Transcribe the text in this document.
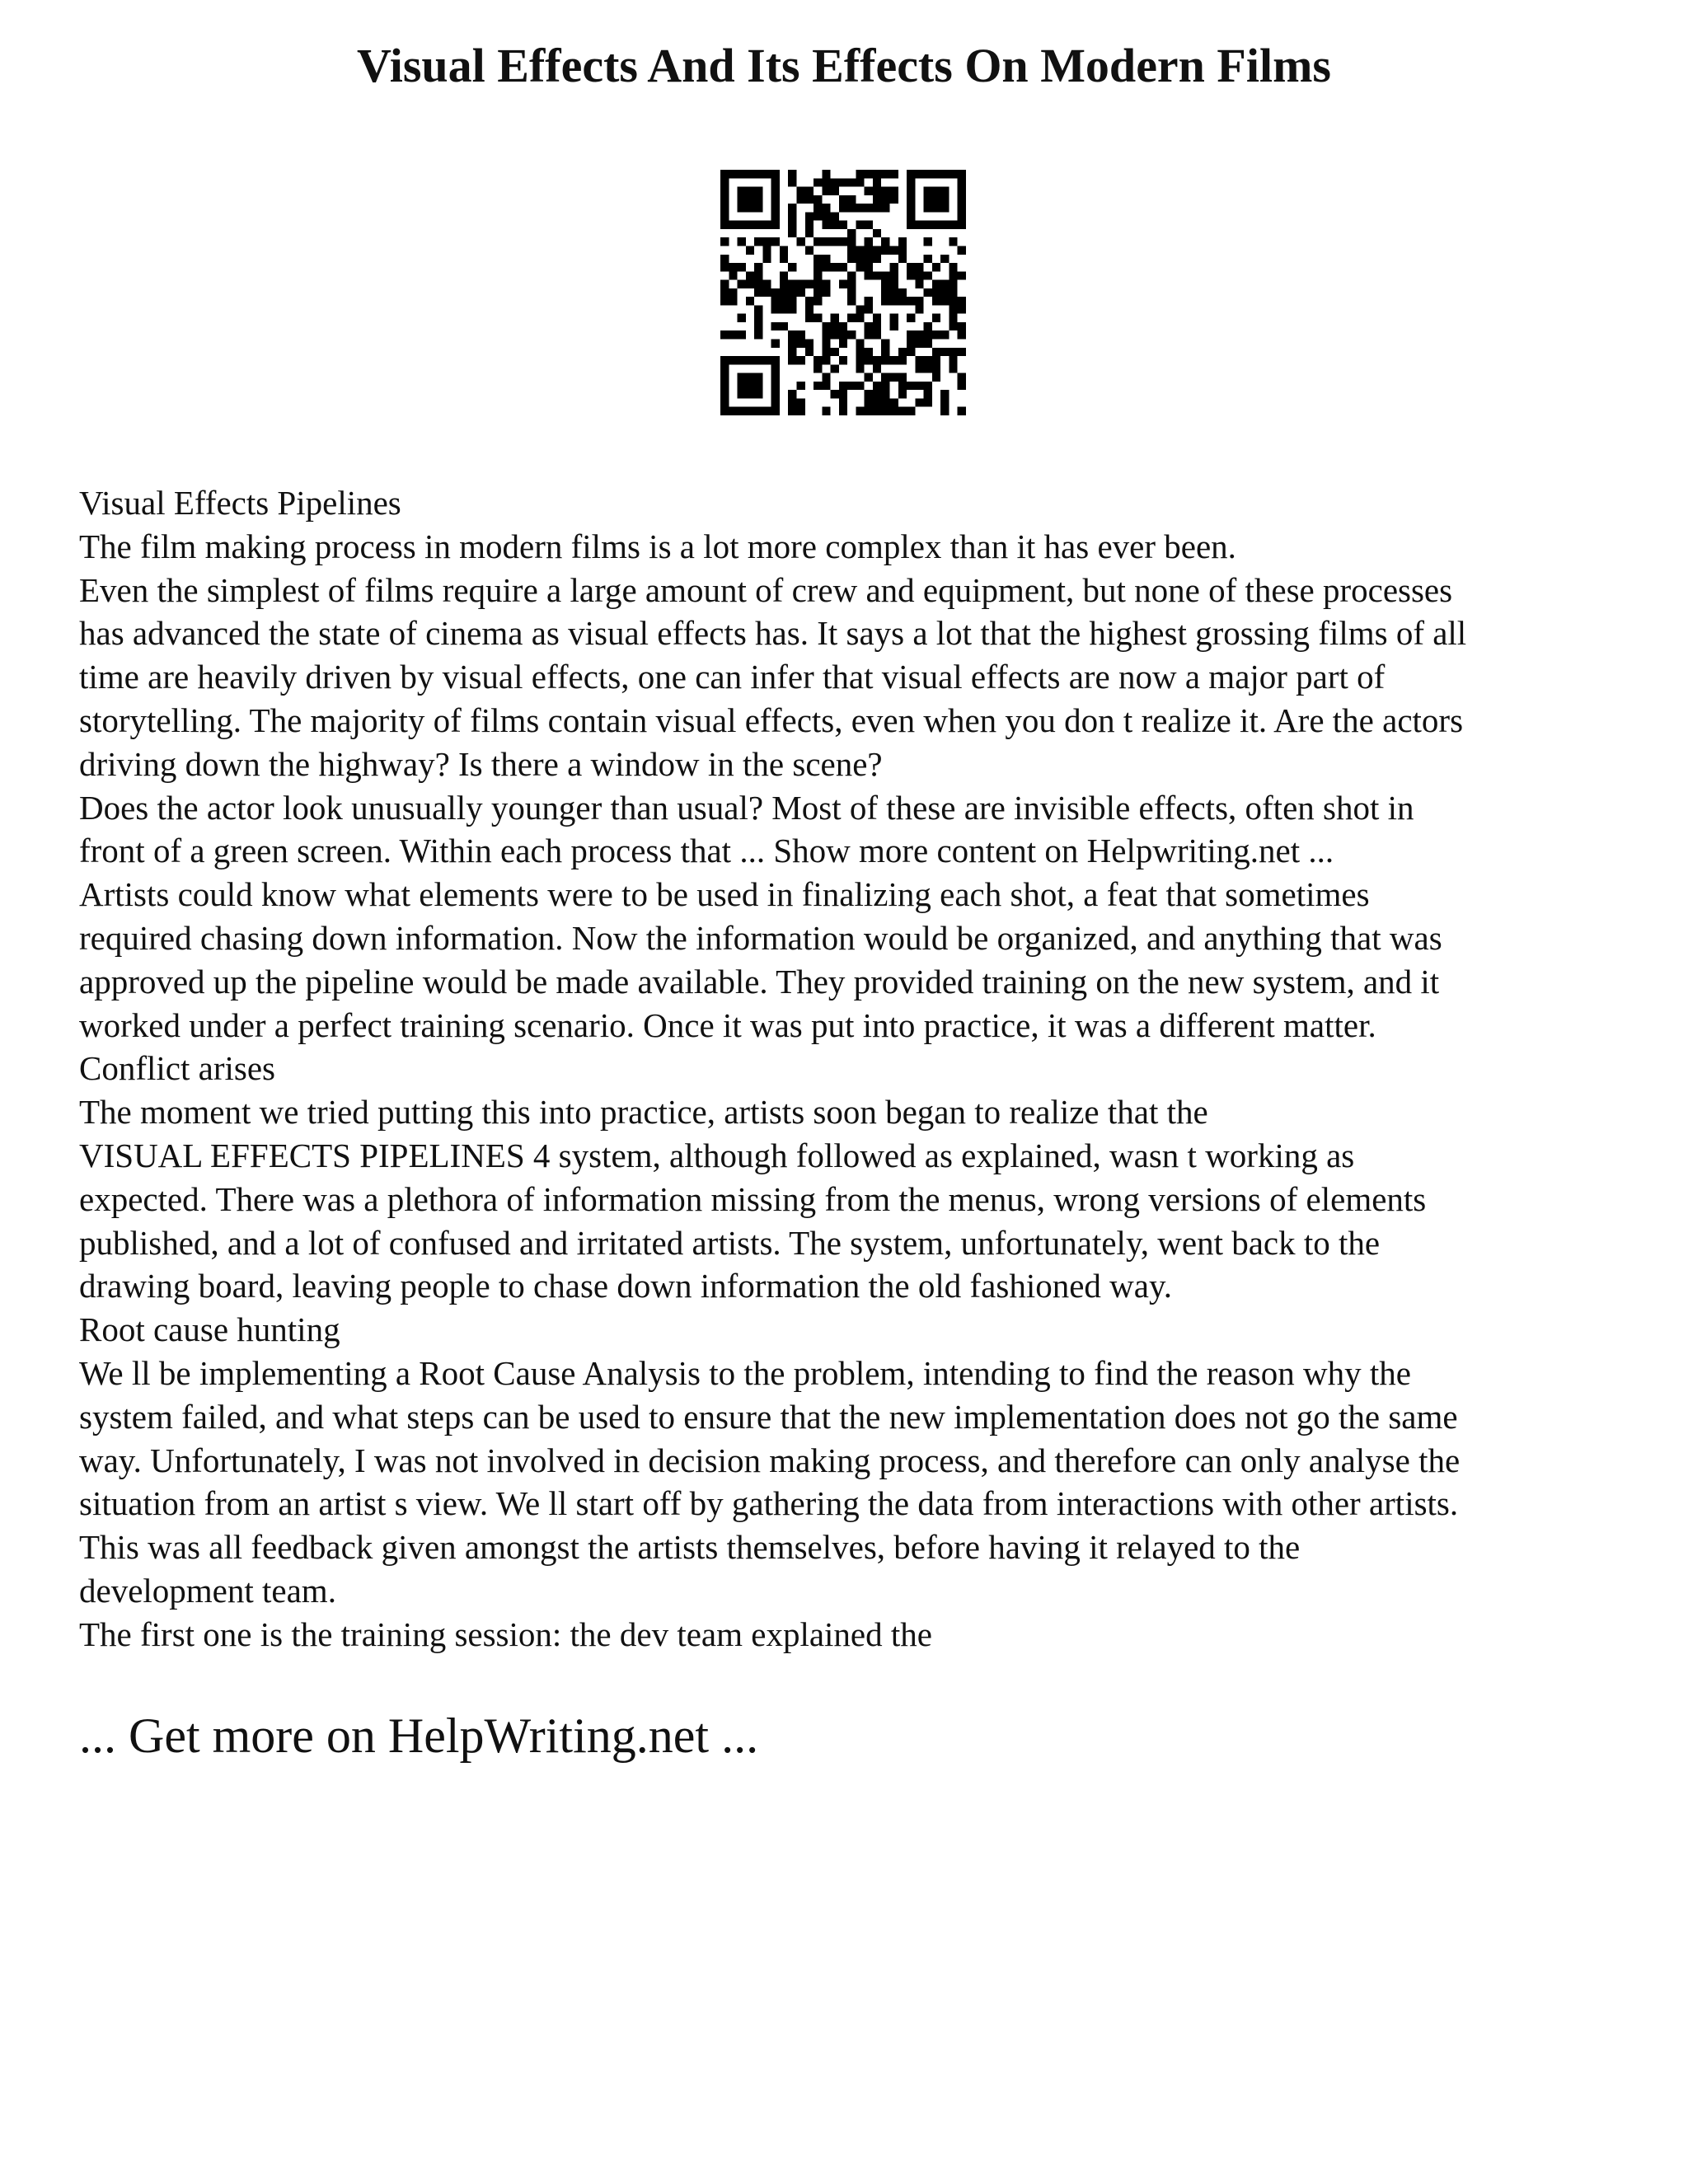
Visual Effects And Its Effects On Modern Films
Visual Effects Pipelines
The film making process in modern films is a lot more complex than it has ever been.
Even the simplest of films require a large amount of crew and equipment, but none of these processes
has advanced the state of cinema as visual effects has. It says a lot that the highest grossing films of all
time are heavily driven by visual effects, one can infer that visual effects are now a major part of
storytelling. The majority of films contain visual effects, even when you don t realize it. Are the actors
driving down the highway? Is there a window in the scene?
Does the actor look unusually younger than usual? Most of these are invisible effects, often shot in
front of a green screen. Within each process that ... Show more content on Helpwriting.net ...
Artists could know what elements were to be used in finalizing each shot, a feat that sometimes
required chasing down information. Now the information would be organized, and anything that was
approved up the pipeline would be made available. They provided training on the new system, and it
worked under a perfect training scenario. Once it was put into practice, it was a different matter.
Conflict arises
The moment we tried putting this into practice, artists soon began to realize that the
VISUAL EFFECTS PIPELINES 4 system, although followed as explained, wasn t working as
expected. There was a plethora of information missing from the menus, wrong versions of elements
published, and a lot of confused and irritated artists. The system, unfortunately, went back to the
drawing board, leaving people to chase down information the old fashioned way.
Root cause hunting
We ll be implementing a Root Cause Analysis to the problem, intending to find the reason why the
system failed, and what steps can be used to ensure that the new implementation does not go the same
way. Unfortunately, I was not involved in decision making process, and therefore can only analyse the
situation from an artist s view. We ll start off by gathering the data from interactions with other artists.
This was all feedback given amongst the artists themselves, before having it relayed to the
development team.
The first one is the training session: the dev team explained the
... Get more on HelpWriting.net ...
